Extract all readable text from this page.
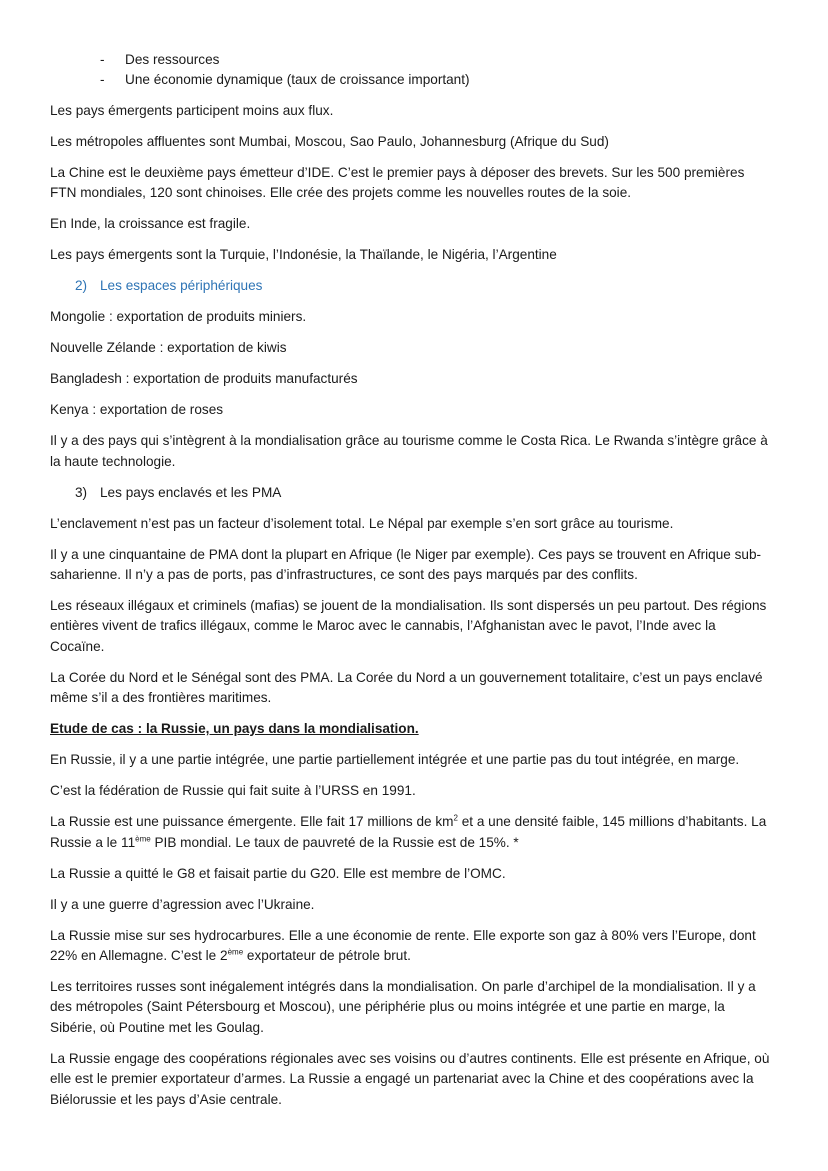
- Des ressources
- Une économie dynamique (taux de croissance important)

Les pays émergents participent moins aux flux.

Les métropoles affluentes sont Mumbai, Moscou, Sao Paulo, Johannesburg (Afrique du Sud)

La Chine est le deuxième pays émetteur d’IDE. C’est le premier pays à déposer des brevets. Sur les 500 premières FTN mondiales, 120 sont chinoises. Elle crée des projets comme les nouvelles routes de la soie.

En Inde, la croissance est fragile.

Les pays émergents sont la Turquie, l’Indonésie, la Thaïlande, le Nigéria, l’Argentine

2) Les espaces périphériques

Mongolie : exportation de produits miniers.

Nouvelle Zélande : exportation de kiwis

Bangladesh : exportation de produits manufacturés

Kenya : exportation de roses

Il y a des pays qui s’intègrent à la mondialisation grâce au tourisme comme le Costa Rica. Le Rwanda s’intègre grâce à la haute technologie.

3) Les pays enclavés et les PMA

L’enclavement n’est pas un facteur d’isolement total. Le Népal par exemple s’en sort grâce au tourisme.

Il y a une cinquantaine de PMA dont la plupart en Afrique (le Niger par exemple). Ces pays se trouvent en Afrique sub-saharienne. Il n’y a pas de ports, pas d’infrastructures, ce sont des pays marqués par des conflits.

Les réseaux illégaux et criminels (mafias) se jouent de la mondialisation. Ils sont dispersés un peu partout. Des régions entières vivent de trafics illégaux, comme le Maroc avec le cannabis, l’Afghanistan avec le pavot, l’Inde avec la Cocaïne.

La Corée du Nord et le Sénégal sont des PMA. La Corée du Nord a un gouvernement totalitaire, c’est un pays enclavé même s’il a des frontières maritimes.

Etude de cas : la Russie, un pays dans la mondialisation.

En Russie, il y a une partie intégrée, une partie partiellement intégrée et une partie pas du tout intégrée, en marge.

C’est la fédération de Russie qui fait suite à l’URSS en 1991.

La Russie est une puissance émergente. Elle fait 17 millions de $km^2$ et a une densité faible, 145 millions d’habitants. La Russie a le 11ème PIB mondial. Le taux de pauvreté de la Russie est de 15%. *

La Russie a quitté le G8 et faisait partie du G20. Elle est membre de l’OMC.

Il y a une guerre d’agression avec l’Ukraine.

La Russie mise sur ses hydrocarbures. Elle a une économie de rente. Elle exporte son gaz à 80% vers l’Europe, dont 22% en Allemagne. C’est le 2ème exportateur de pétrole brut.

Les territoires russes sont inégalement intégrés dans la mondialisation. On parle d’archipel de la mondialisation. Il y a des métropoles (Saint Pétersbourg et Moscou), une périphérie plus ou moins intégrée et une partie en marge, la Sibérie, où Poutine met les Goulag.

La Russie engage des coopérations régionales avec ses voisins ou d’autres continents. Elle est présente en Afrique, où elle est le premier exportateur d’armes. La Russie a engagé un partenariat avec la Chine et des coopérations avec la Biélorussie et les pays d’Asie centrale.
